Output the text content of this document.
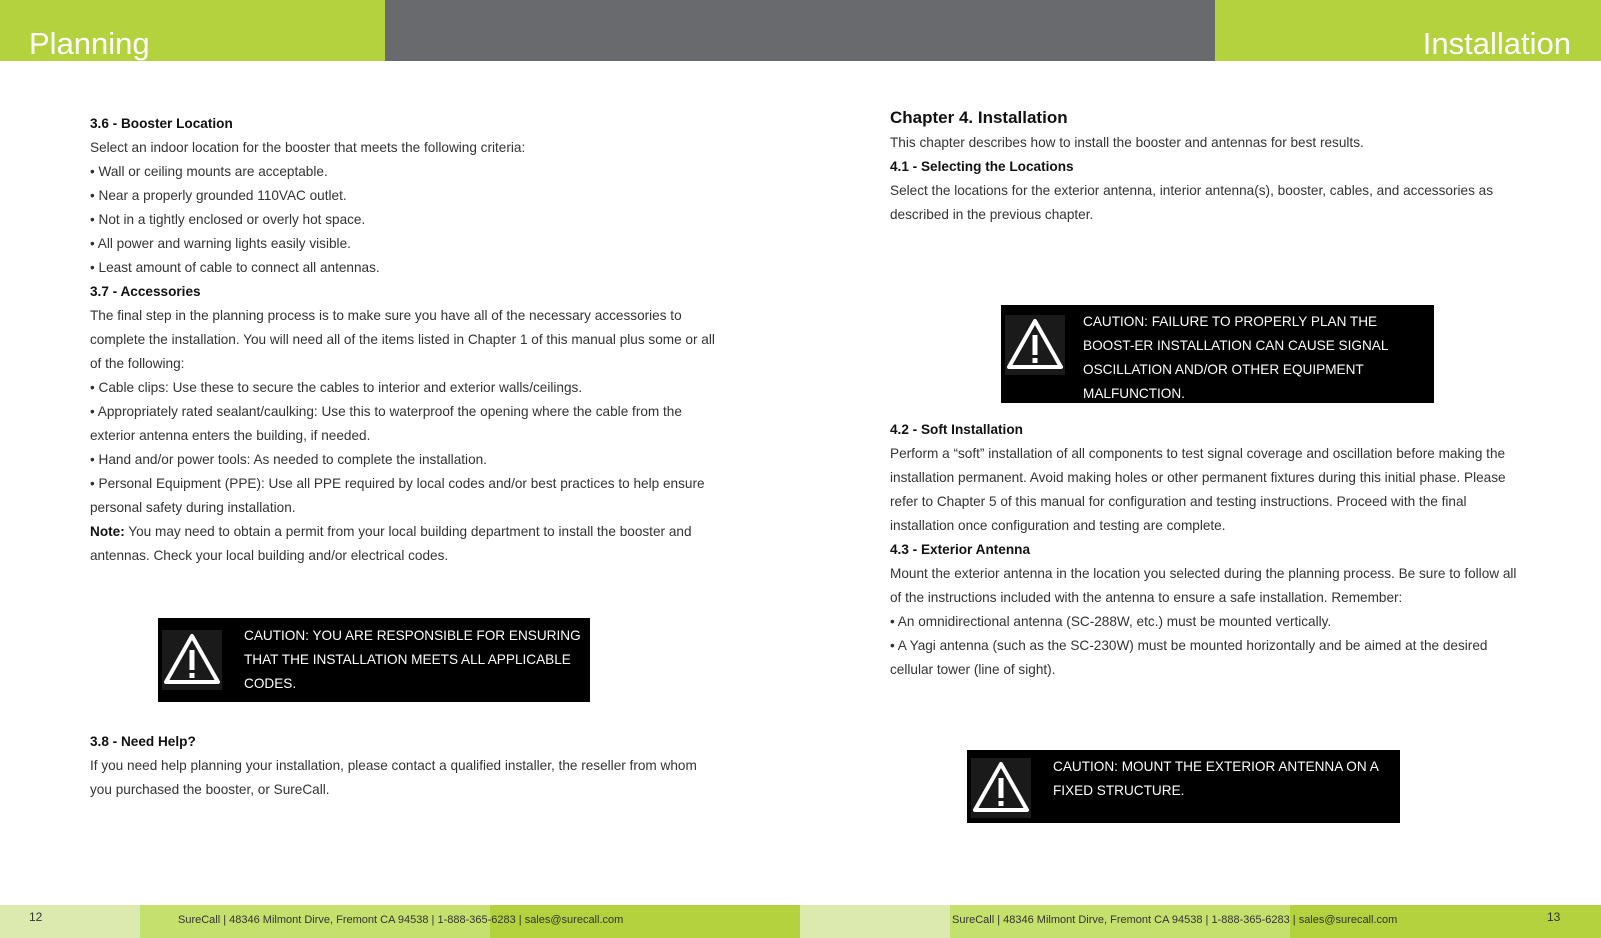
Planning	Installation

3.6 - Booster Location

Select an indoor location for the booster that meets the following criteria:

• Wall or ceiling mounts are acceptable.

• Near a properly grounded 110VAC outlet.

• Not in a tightly enclosed or overly hot space.

• All power and warning lights easily visible.

• Least amount of cable to connect all antennas.

3.7 - Accessories

The final step in the planning process is to make sure you have all of the necessary accessories to complete the installation. You will need all of the items listed in Chapter 1 of this manual plus some or all of the following:

• Cable clips: Use these to secure the cables to interior and exterior walls/ceilings.

• Appropriately rated sealant/caulking: Use this to waterproof the opening where the cable from the exterior antenna enters the building, if needed.

• Hand and/or power tools: As needed to complete the installation.

• Personal Equipment (PPE): Use all PPE required by local codes and/or best practices to help ensure personal safety during installation.

Note: You may need to obtain a permit from your local building department to install the booster and antennas. Check your local building and/or electrical codes.

CAUTION: YOU ARE RESPONSIBLE FOR ENSURING THAT THE INSTALLATION MEETS ALL APPLICABLE CODES.

3.8 - Need Help?

If you need help planning your installation, please contact a qualified installer, the reseller from whom you purchased the booster, or SureCall.

Chapter 4. Installation

This chapter describes how to install the booster and antennas for best results.

4.1 - Selecting the Locations

Select the locations for the exterior antenna, interior antenna(s), booster, cables, and accessories as described in the previous chapter.

CAUTION: FAILURE TO PROPERLY PLAN THE BOOST-ER INSTALLATION CAN CAUSE SIGNAL OSCILLATION AND/OR OTHER EQUIPMENT MALFUNCTION.

4.2 - Soft Installation

Perform a “soft” installation of all components to test signal coverage and oscillation before making the installation permanent. Avoid making holes or other permanent fixtures during this initial phase. Please refer to Chapter 5 of this manual for configuration and testing instructions. Proceed with the final installation once configuration and testing are complete.

4.3 - Exterior Antenna

Mount the exterior antenna in the location you selected during the planning process. Be sure to follow all of the instructions included with the antenna to ensure a safe installation. Remember:

• An omnidirectional antenna (SC-288W, etc.) must be mounted vertically.

• A Yagi antenna (such as the SC-230W) must be mounted horizontally and be aimed at the desired cellular tower (line of sight).

CAUTION: MOUNT THE EXTERIOR ANTENNA ON A FIXED STRUCTURE.
12	13
SureCall | 48346 Milmont Dirve, Fremont CA 94538 | 1-888-365-6283 | sales@surecall.com	SureCall | 48346 Milmont Dirve, Fremont CA 94538 | 1-888-365-6283 | sales@surecall.com
